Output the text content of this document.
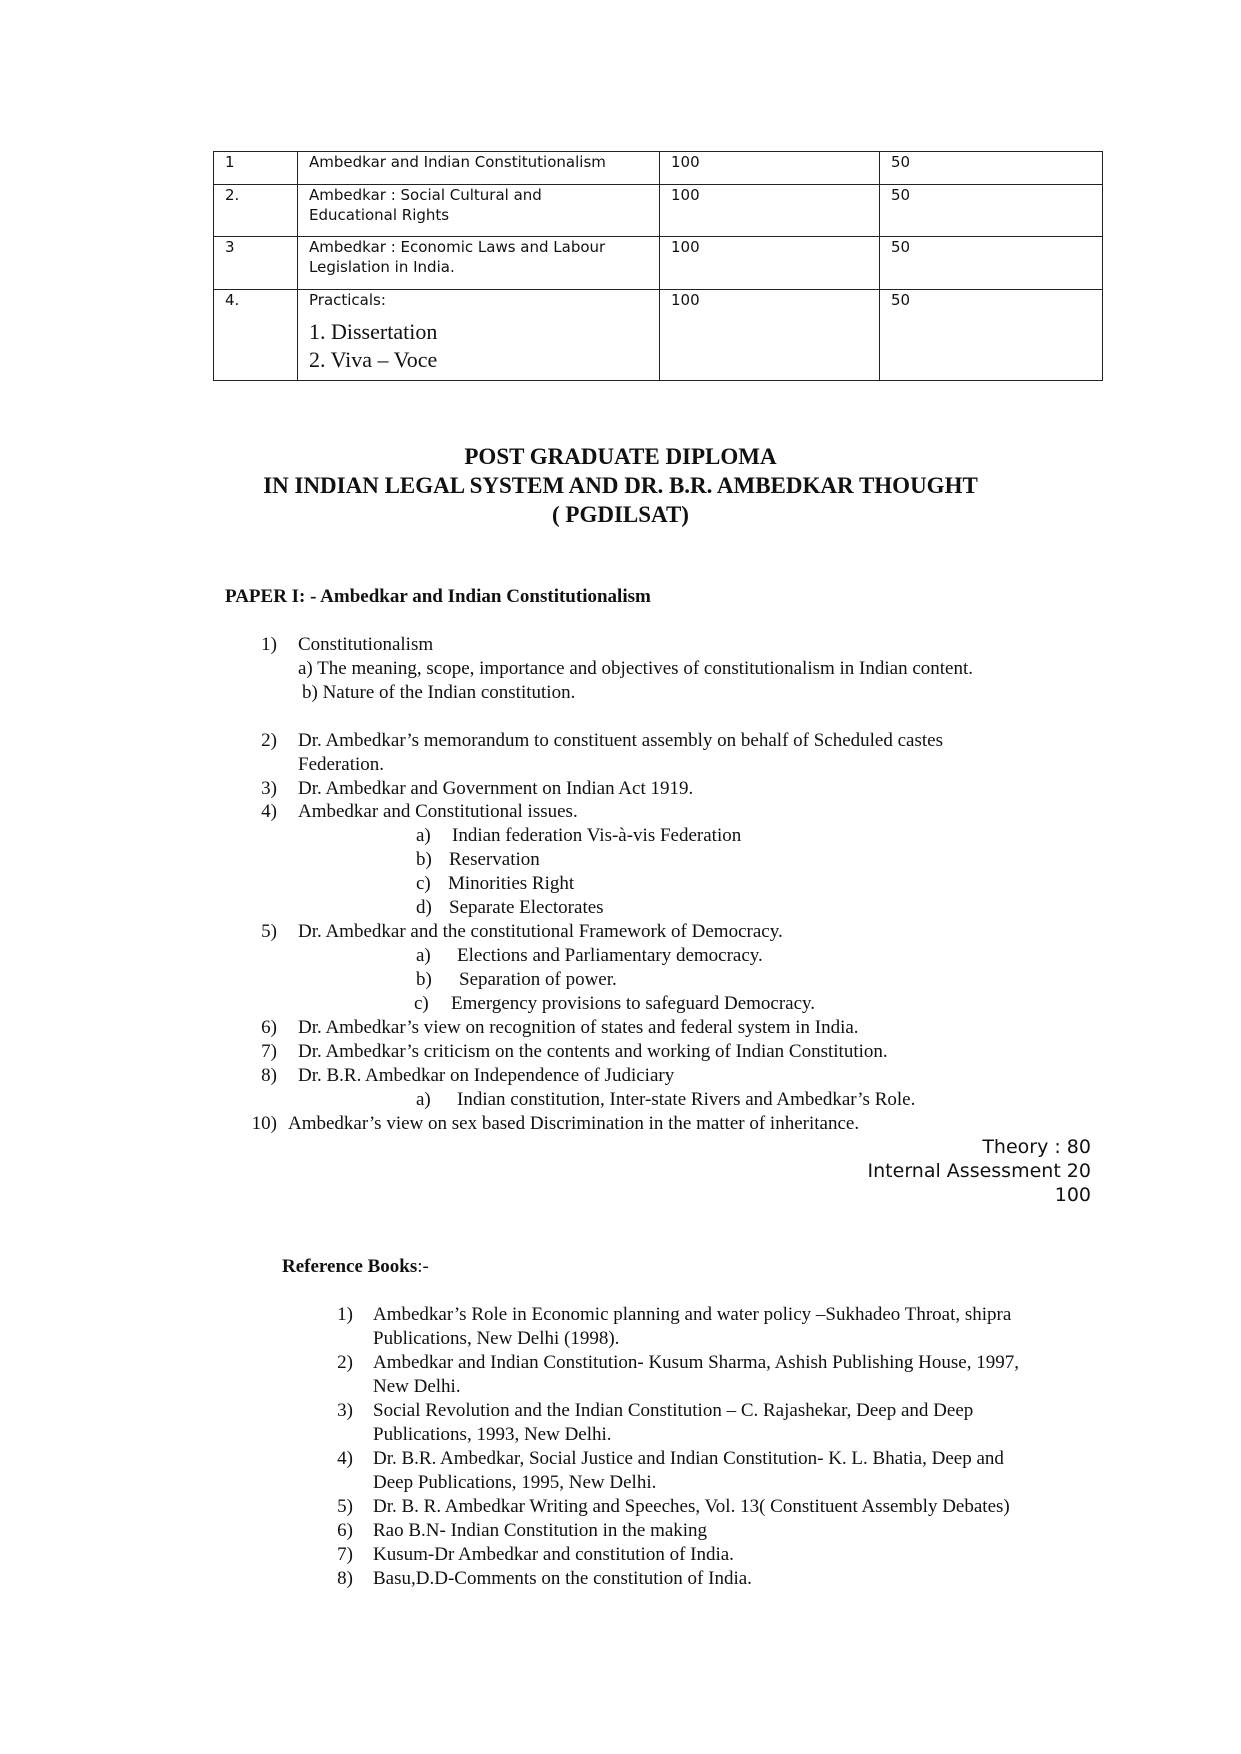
1	Ambedkar and Indian Constitutionalism	100	50
2.	Ambedkar : Social Cultural and
Educational Rights	100	50
3	Ambedkar : Economic Laws and Labour
Legislation in India.	100	50
4.	Practicals:
1. Dissertation
2. Viva – Voce	100	50
POST GRADUATE DIPLOMA
IN INDIAN LEGAL SYSTEM AND DR. B.R. AMBEDKAR THOUGHT
( PGDILSAT)
PAPER I: - Ambedkar and Indian Constitutionalism
1) Constitutionalism
a) The meaning, scope, importance and objectives of constitutionalism in Indian content.
b) Nature of the Indian constitution.
2) Dr. Ambedkar’s memorandum to constituent assembly on behalf of Scheduled castes
Federation.
3) Dr. Ambedkar and Government on Indian Act 1919.
4) Ambedkar and Constitutional issues.
a) Indian federation Vis-à-vis Federation
b) Reservation
c) Minorities Right
d) Separate Electorates
5) Dr. Ambedkar and the constitutional Framework of Democracy.
a) Elections and Parliamentary democracy.
b) Separation of power.
c) Emergency provisions to safeguard Democracy.
6) Dr. Ambedkar’s view on recognition of states and federal system in India.
7) Dr. Ambedkar’s criticism on the contents and working of Indian Constitution.
8) Dr. B.R. Ambedkar on Independence of Judiciary
a) Indian constitution, Inter-state Rivers and Ambedkar’s Role.
10) Ambedkar’s view on sex based Discrimination in the matter of inheritance.
Theory : 80
Internal Assessment 20
100
Reference Books:-
1) Ambedkar’s Role in Economic planning and water policy –Sukhadeo Throat, shipra
Publications, New Delhi (1998).
2) Ambedkar and Indian Constitution- Kusum Sharma, Ashish Publishing House, 1997,
New Delhi.
3) Social Revolution and the Indian Constitution – C. Rajashekar, Deep and Deep
Publications, 1993, New Delhi.
4) Dr. B.R. Ambedkar, Social Justice and Indian Constitution- K. L. Bhatia, Deep and
Deep Publications, 1995, New Delhi.
5) Dr. B. R. Ambedkar Writing and Speeches, Vol. 13( Constituent Assembly Debates)
6) Rao B.N- Indian Constitution in the making
7) Kusum-Dr Ambedkar and constitution of India.
8) Basu,D.D-Comments on the constitution of India.
